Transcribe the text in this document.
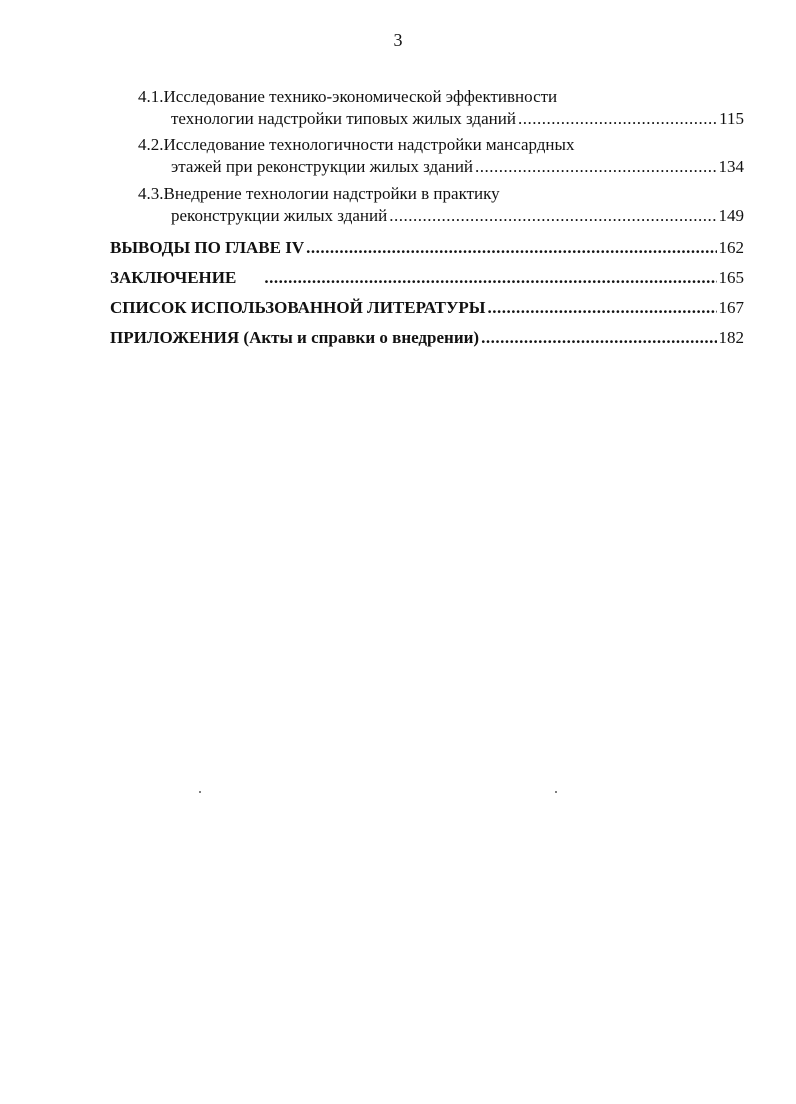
3
4.1. Исследование технико-экономической эффективности
технологии надстройки типовых жилых зданий .....	115
4.2. Исследование технологичности надстройки мансардных
этажей при реконструкции жилых зданий .....	134
4.3. Внедрение технологии надстройки в практику
реконструкции жилых зданий .....	149
ВЫВОДЫ ПО ГЛАВЕ IV .....	162
ЗАКЛЮЧЕНИЕ .....	165
СПИСОК ИСПОЛЬЗОВАННОЙ ЛИТЕРАТУРЫ .....	167
ПРИЛОЖЕНИЯ (Акты и справки о внедрении) .....	182
